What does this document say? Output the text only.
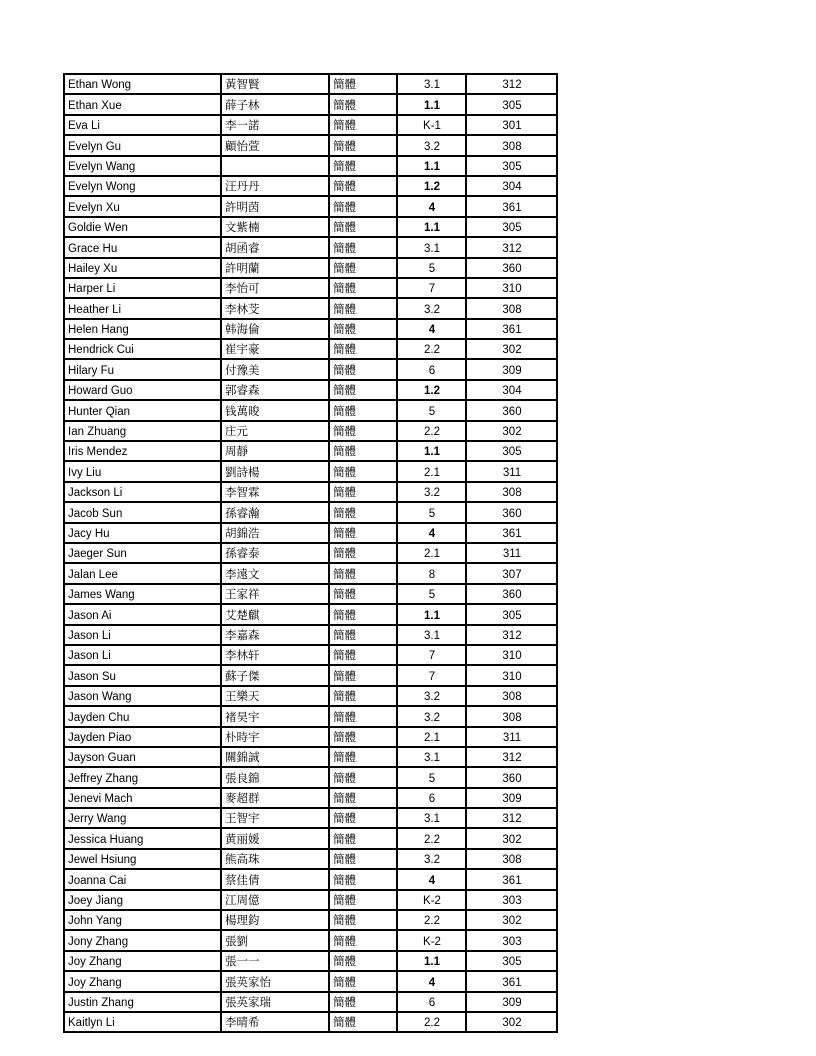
Ethan Wong	黃智賢	簡體	3.1	312
Ethan Xue	薛子林	簡體	1.1	305
Eva Li	李一諾	簡體	K-1	301
Evelyn Gu	顧怡萱	簡體	3.2	308
Evelyn Wang		簡體	1.1	305
Evelyn Wong	汪丹丹	簡體	1.2	304
Evelyn Xu	許明茵	簡體	4	361
Goldie Wen	文紫楠	簡體	1.1	305
Grace Hu	胡函睿	簡體	3.1	312
Hailey Xu	許明蘭	簡體	5	360
Harper Li	李怡可	簡體	7	310
Heather Li	李林芠	簡體	3.2	308
Helen Hang	韩海倫	簡體	4	361
Hendrick Cui	崔宇豪	簡體	2.2	302
Hilary Fu	付豫美	簡體	6	309
Howard Guo	郭睿森	簡體	1.2	304
Hunter Qian	钱萬晙	簡體	5	360
Ian Zhuang	庄元	簡體	2.2	302
Iris Mendez	周靜	簡體	1.1	305
Ivy Liu	劉詩楊	簡體	2.1	311
Jackson Li	李智霖	簡體	3.2	308
Jacob Sun	孫睿瀚	簡體	5	360
Jacy Hu	胡錦浩	簡體	4	361
Jaeger Sun	孫睿泰	簡體	2.1	311
Jalan Lee	李遠文	簡體	8	307
James Wang	王家祥	簡體	5	360
Jason Ai	艾楚麒	簡體	1.1	305
Jason Li	李嘉森	簡體	3.1	312
Jason Li	李林轩	簡體	7	310
Jason Su	蘇子傑	簡體	7	310
Jason Wang	王樂天	簡體	3.2	308
Jayden Chu	褚昊宇	簡體	3.2	308
Jayden Piao	朴時宇	簡體	2.1	311
Jayson Guan	關錦誠	簡體	3.1	312
Jeffrey Zhang	張良錦	簡體	5	360
Jenevi Mach	麥超群	簡體	6	309
Jerry Wang	王智宇	簡體	3.1	312
Jessica Huang	黄丽媛	簡體	2.2	302
Jewel Hsiung	熊高珠	簡體	3.2	308
Joanna Cai	蔡佳倩	簡體	4	361
Joey Jiang	江周億	簡體	K-2	303
John Yang	楊理鈞	簡體	2.2	302
Jony Zhang	張劉	簡體	K-2	303
Joy Zhang	張一一	簡體	1.1	305
Joy Zhang	張英家怡	簡體	4	361
Justin Zhang	張英家瑞	簡體	6	309
Kaitlyn Li	李晴希	簡體	2.2	302
